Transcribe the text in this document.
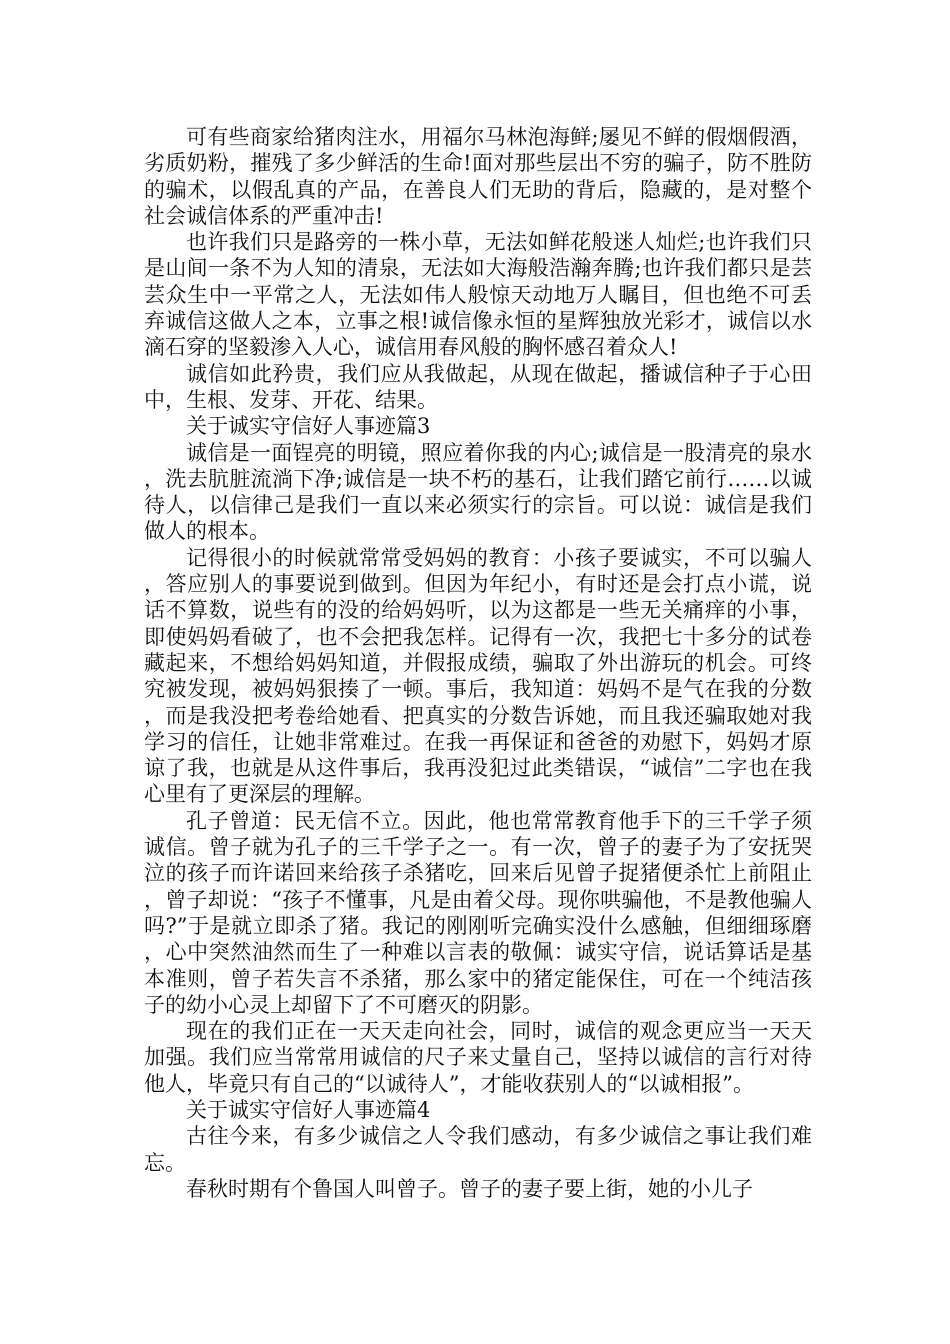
可有些商家给猪肉注水，用福尔马林泡海鲜;屡见不鲜的假烟假酒，劣质奶粉，摧残了多少鲜活的生命!面对那些层出不穷的骗子，防不胜防的骗术，以假乱真的产品，在善良人们无助的背后，隐藏的，是对整个社会诚信体系的严重冲击!

也许我们只是路旁的一株小草，无法如鲜花般迷人灿烂;也许我们只是山间一条不为人知的清泉，无法如大海般浩瀚奔腾;也许我们都只是芸芸众生中一平常之人，无法如伟人般惊天动地万人瞩目，但也绝不可丢弃诚信这做人之本，立事之根!诚信像永恒的星辉独放光彩才，诚信以水滴石穿的坚毅渗入人心，诚信用春风般的胸怀感召着众人!

诚信如此矜贵，我们应从我做起，从现在做起，播诚信种子于心田中，生根、发芽、开花、结果。

关于诚实守信好人事迹篇3

诚信是一面锃亮的明镜，照应着你我的内心;诚信是一股清亮的泉水，洗去肮脏流淌下净;诚信是一块不朽的基石，让我们踏它前行……以诚待人，以信律己是我们一直以来必须实行的宗旨。可以说：诚信是我们做人的根本。

记得很小的时候就常常受妈妈的教育：小孩子要诚实，不可以骗人，答应别人的事要说到做到。但因为年纪小，有时还是会打点小谎，说话不算数，说些有的没的给妈妈听，以为这都是一些无关痛痒的小事，即使妈妈看破了，也不会把我怎样。记得有一次，我把七十多分的试卷藏起来，不想给妈妈知道，并假报成绩，骗取了外出游玩的机会。可终究被发现，被妈妈狠揍了一顿。事后，我知道：妈妈不是气在我的分数，而是我没把考卷给她看、把真实的分数告诉她，而且我还骗取她对我学习的信任，让她非常难过。在我一再保证和爸爸的劝慰下，妈妈才原谅了我，也就是从这件事后，我再没犯过此类错误，“诚信”二字也在我心里有了更深层的理解。

孔子曾道：民无信不立。因此，他也常常教育他手下的三千学子须诚信。曾子就为孔子的三千学子之一。有一次，曾子的妻子为了安抚哭泣的孩子而许诺回来给孩子杀猪吃，回来后见曾子捉猪便杀忙上前阻止，曾子却说：“孩子不懂事，凡是由着父母。现你哄骗他，不是教他骗人吗?”于是就立即杀了猪。我记的刚刚听完确实没什么感触，但细细琢磨，心中突然油然而生了一种难以言表的敬佩：诚实守信，说话算话是基本准则，曾子若失言不杀猪，那么家中的猪定能保住，可在一个纯洁孩子的幼小心灵上却留下了不可磨灭的阴影。

现在的我们正在一天天走向社会，同时，诚信的观念更应当一天天加强。我们应当常常用诚信的尺子来丈量自己，坚持以诚信的言行对待他人，毕竟只有自己的“以诚待人”，才能收获别人的“以诚相报”。

关于诚实守信好人事迹篇4

古往今来，有多少诚信之人令我们感动，有多少诚信之事让我们难忘。

春秋时期有个鲁国人叫曾子。曾子的妻子要上街，她的小儿子
